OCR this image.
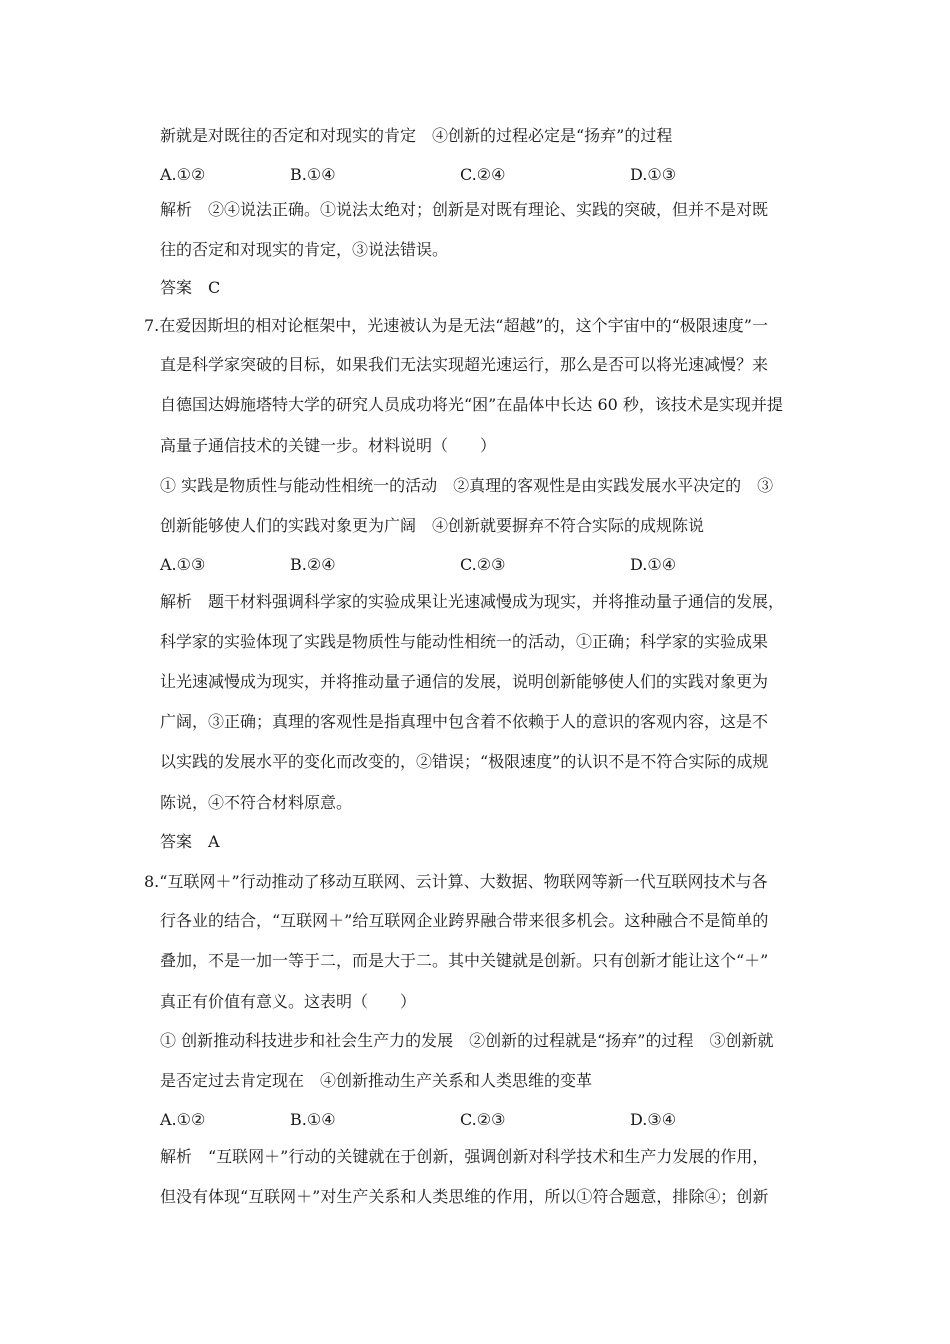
新就是对既往的否定和对现实的肯定　④创新的过程必定是“扬弃”的过程
A.①②	B.①④	C.②④	D.①③
解析　②④说法正确。①说法太绝对；创新是对既有理论、实践的突破，但并不是对既
往的否定和对现实的肯定，③说法错误。
答案　C
7.在爱因斯坦的相对论框架中，光速被认为是无法“超越”的，这个宇宙中的“极限速度”一
直是科学家突破的目标，如果我们无法实现超光速运行，那么是否可以将光速减慢？来
自德国达姆施塔特大学的研究人员成功将光“困”在晶体中长达 60 秒，该技术是实现并提
高量子通信技术的关键一步。材料说明（　　）
① 实践是物质性与能动性相统一的活动　②真理的客观性是由实践发展水平决定的　③
创新能够使人们的实践对象更为广阔　④创新就要摒弃不符合实际的成规陈说
A.①③	B.②④	C.②③	D.①④
解析　题干材料强调科学家的实验成果让光速减慢成为现实，并将推动量子通信的发展，
科学家的实验体现了实践是物质性与能动性相统一的活动，①正确；科学家的实验成果
让光速减慢成为现实，并将推动量子通信的发展，说明创新能够使人们的实践对象更为
广阔，③正确；真理的客观性是指真理中包含着不依赖于人的意识的客观内容，这是不
以实践的发展水平的变化而改变的，②错误；“极限速度”的认识不是不符合实际的成规
陈说，④不符合材料原意。
答案　A
8.“互联网＋”行动推动了移动互联网、云计算、大数据、物联网等新一代互联网技术与各
行各业的结合，“互联网＋”给互联网企业跨界融合带来很多机会。这种融合不是简单的
叠加，不是一加一等于二，而是大于二。其中关键就是创新。只有创新才能让这个“＋”
真正有价值有意义。这表明（　　）
① 创新推动科技进步和社会生产力的发展　②创新的过程就是“扬弃”的过程　③创新就
是否定过去肯定现在　④创新推动生产关系和人类思维的变革
A.①②	B.①④	C.②③	D.③④
解析　“互联网＋”行动的关键就在于创新，强调创新对科学技术和生产力发展的作用，
但没有体现“互联网＋”对生产关系和人类思维的作用，所以①符合题意，排除④；创新
